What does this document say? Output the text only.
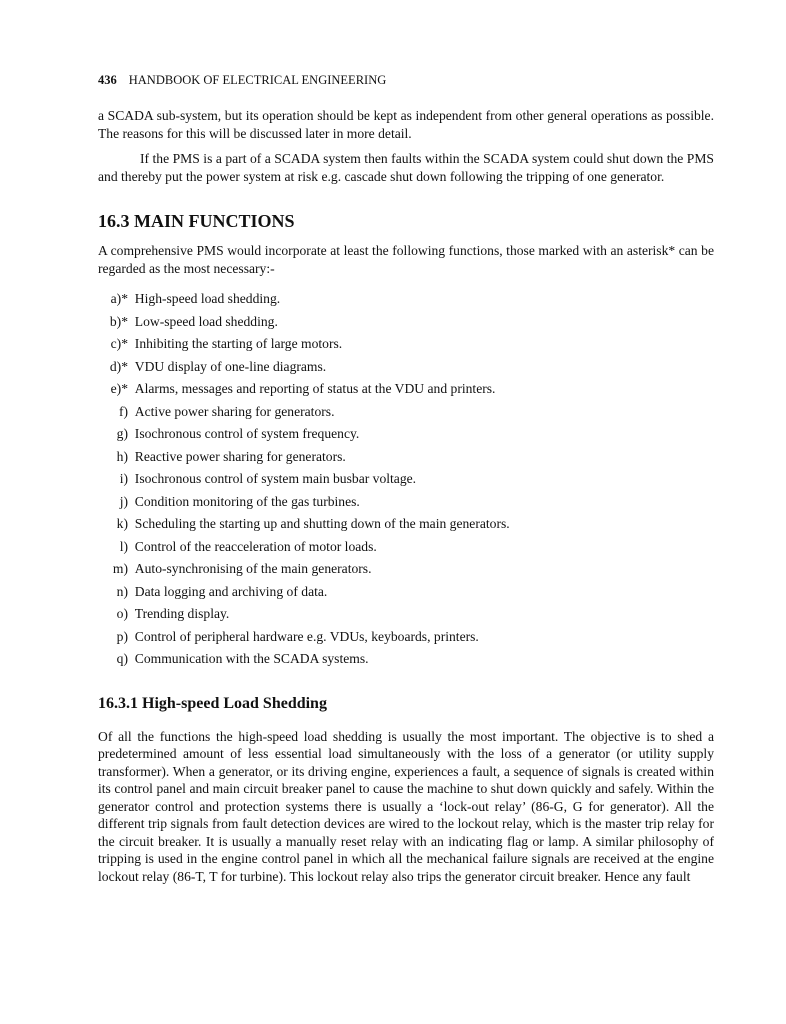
436 HANDBOOK OF ELECTRICAL ENGINEERING

a SCADA sub-system, but its operation should be kept as independent from other general operations as possible. The reasons for this will be discussed later in more detail.

If the PMS is a part of a SCADA system then faults within the SCADA system could shut down the PMS and thereby put the power system at risk e.g. cascade shut down following the tripping of one generator.

16.3 MAIN FUNCTIONS

A comprehensive PMS would incorporate at least the following functions, those marked with an asterisk* can be regarded as the most necessary:-

a)*
High-speed load shedding.
b)*
Low-speed load shedding.
c)*
Inhibiting the starting of large motors.
d)*
VDU display of one-line diagrams.
e)*
Alarms, messages and reporting of status at the VDU and printers.
f)
Active power sharing for generators.
g)
Isochronous control of system frequency.
h)
Reactive power sharing for generators.
i)
Isochronous control of system main busbar voltage.
j)
Condition monitoring of the gas turbines.
k)
Scheduling the starting up and shutting down of the main generators.
l)
Control of the reacceleration of motor loads.
m)
Auto-synchronising of the main generators.
n)
Data logging and archiving of data.
o)
Trending display.
p)
Control of peripheral hardware e.g. VDUs, keyboards, printers.
q)
Communication with the SCADA systems.
16.3.1 High-speed Load Shedding

Of all the functions the high-speed load shedding is usually the most important. The objective is to shed a predetermined amount of less essential load simultaneously with the loss of a generator (or utility supply transformer). When a generator, or its driving engine, experiences a fault, a sequence of signals is created within its control panel and main circuit breaker panel to cause the machine to shut down quickly and safely. Within the generator control and protection systems there is usually a ‘lock-out relay’ (86-G, G for generator). All the different trip signals from fault detection devices are wired to the lockout relay, which is the master trip relay for the circuit breaker. It is usually a manually reset relay with an indicating flag or lamp. A similar philosophy of tripping is used in the engine control panel in which all the mechanical failure signals are received at the engine lockout relay (86-T, T for turbine). This lockout relay also trips the generator circuit breaker. Hence any fault
